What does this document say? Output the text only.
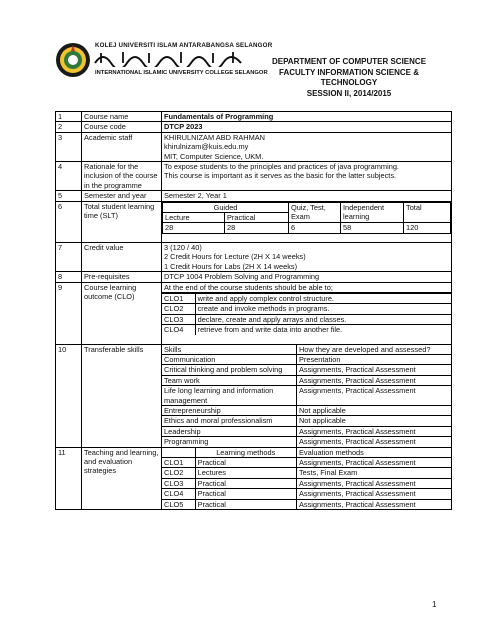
KOLEJ UNIVERSITI ISLAM ANTARABANGSA SELANGOR
INTERNATIONAL ISLAMIC UNIVERSITY COLLEGE SELANGOR
DEPARTMENT OF COMPUTER SCIENCE
FACULTY INFORMATION SCIENCE &
TECHNOLOGY
SESSION II, 2014/2015
1	Course name	Fundamentals of Programming
2	Course code	DTCP 2023
3	Academic staff	KHIRULNIZAM ABD RAHMAN
khirulnizam@kuis.edu.my
MIT, Computer Science, UKM.

4	Rationale for the inclusion of the course in the programme	
To expose students to the principles and practices of java programming.
This course is important as it serves as the basic for the latter subjects.

5	Semester and year	Semester 2, Year 1
6	Total student learning time (SLT)	
Guided	Quiz, Test, Exam	Independent learning	Total
Lecture	Practical
28	28	6	58	120

7	Credit value	3 (120 / 40)
2 Credit Hours for Lecture (2H X 14 weeks)
1 Credit Hours for Labs (2H X 14 weeks)

8	Pre-requisites	DTCP 1004 Problem Solving and Programming
9	Course learning outcome (CLO)	
At the end of the course students should be able to;
CLO1	write and apply complex control structure.
CLO2	create and invoke methods in programs.
CLO3	declare, create and apply arrays and classes.
CLO4	retrieve from and write data into another file.

10	Transferable skills		Skills	How they are developed and assessed?
Communication	Presentation
Critical thinking and problem solving	Assignments, Practical Assessment
Team work	Assignments, Practical Assessment
Life long learning and information management	Assignments, Practical Assessment
Entrepreneurship	Not applicable
Ethics and moral professionalism	Not applicable
Leadership	Assignments, Practical Assessment
Programming	Assignments, Practical Assessment

11	Teaching and learning, and evaluation strategies	
	Learning methods	Evaluation methods
CLO1	Practical	Assignments, Practical Assessment
CLO2	Lectures	Tests, Final Exam
CLO3	Practical	Assignments, Practical Assessment
CLO4	Practical	Assignments, Practical Assessment
CLO5	Practical	Assignments, Practical Assessment
1
